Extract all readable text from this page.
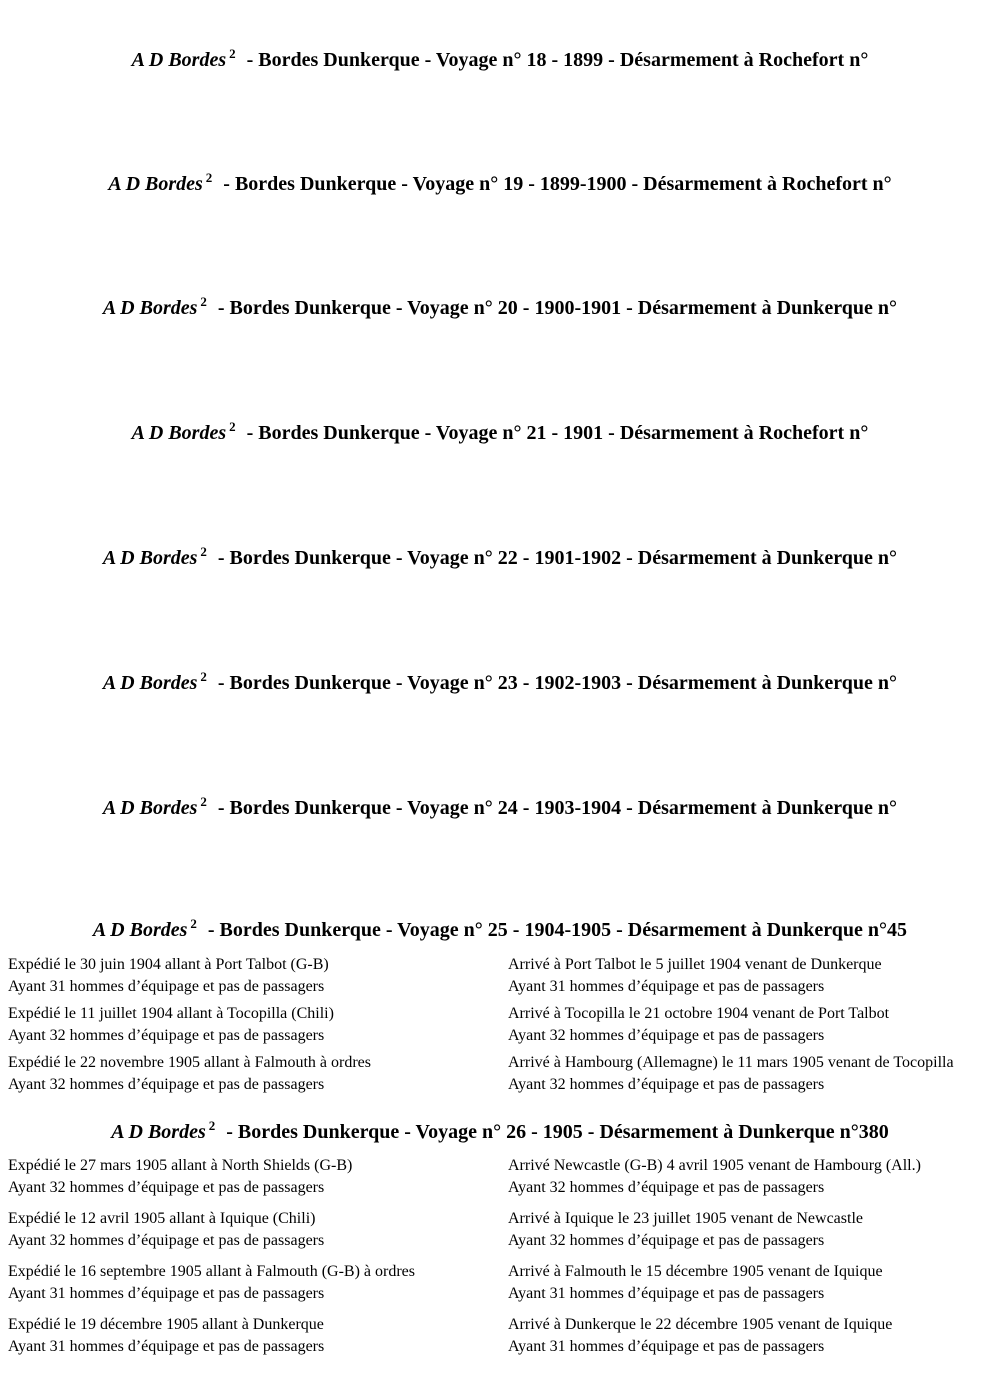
A D Bordes $^2$ - Bordes Dunkerque - Voyage n° 18 - 1899 - Désarmement à Rochefort n°
A D Bordes $^2$ - Bordes Dunkerque - Voyage n° 19 - 1899-1900 - Désarmement à Rochefort n°
A D Bordes $^2$ - Bordes Dunkerque - Voyage n° 20 - 1900-1901 - Désarmement à Dunkerque n°
A D Bordes $^2$ - Bordes Dunkerque - Voyage n° 21 - 1901 - Désarmement à Rochefort n°
A D Bordes $^2$ - Bordes Dunkerque - Voyage n° 22 - 1901-1902 - Désarmement à Dunkerque n°
A D Bordes $^2$ - Bordes Dunkerque - Voyage n° 23 - 1902-1903 - Désarmement à Dunkerque n°
A D Bordes $^2$ - Bordes Dunkerque - Voyage n° 24 - 1903-1904 - Désarmement à Dunkerque n°
A D Bordes $^2$ - Bordes Dunkerque - Voyage n° 25 - 1904-1905 - Désarmement à Dunkerque n°45

Expédié le 30 juin 1904 allant à Port Talbot (G-B)

Ayant 31 hommes d’équipage et pas de passagers

Arrivé à Port Talbot le 5 juillet 1904 venant de Dunkerque

Ayant 31 hommes d’équipage et pas de passagers

Expédié le 11 juillet 1904 allant à Tocopilla (Chili)

Ayant 32 hommes d’équipage et pas de passagers

Arrivé à Tocopilla le 21 octobre 1904 venant de Port Talbot

Ayant 32 hommes d’équipage et pas de passagers

Expédié le 22 novembre 1905 allant à Falmouth à ordres

Ayant 32 hommes d’équipage et pas de passagers

Arrivé à Hambourg (Allemagne) le 11 mars 1905 venant de Tocopilla

Ayant 32 hommes d’équipage et pas de passagers

A D Bordes $^2$ - Bordes Dunkerque - Voyage n° 26 - 1905 - Désarmement à Dunkerque n°380

Expédié le 27 mars 1905 allant à North Shields (G-B)

Ayant 32 hommes d’équipage et pas de passagers

Arrivé Newcastle (G-B) 4 avril 1905 venant de Hambourg (All.)

Ayant 32 hommes d’équipage et pas de passagers

Expédié le 12 avril 1905 allant à Iquique (Chili)

Ayant 32 hommes d’équipage et pas de passagers

Arrivé à Iquique le 23 juillet 1905 venant de Newcastle

Ayant 32 hommes d’équipage et pas de passagers

Expédié le 16 septembre 1905 allant à Falmouth (G-B) à ordres

Ayant 31 hommes d’équipage et pas de passagers

Arrivé à Falmouth le 15 décembre 1905 venant de Iquique

Ayant 31 hommes d’équipage et pas de passagers

Expédié le 19 décembre 1905 allant à Dunkerque

Ayant 31 hommes d’équipage et pas de passagers

Arrivé à Dunkerque le 22 décembre 1905 venant de Iquique

Ayant 31 hommes d’équipage et pas de passagers
